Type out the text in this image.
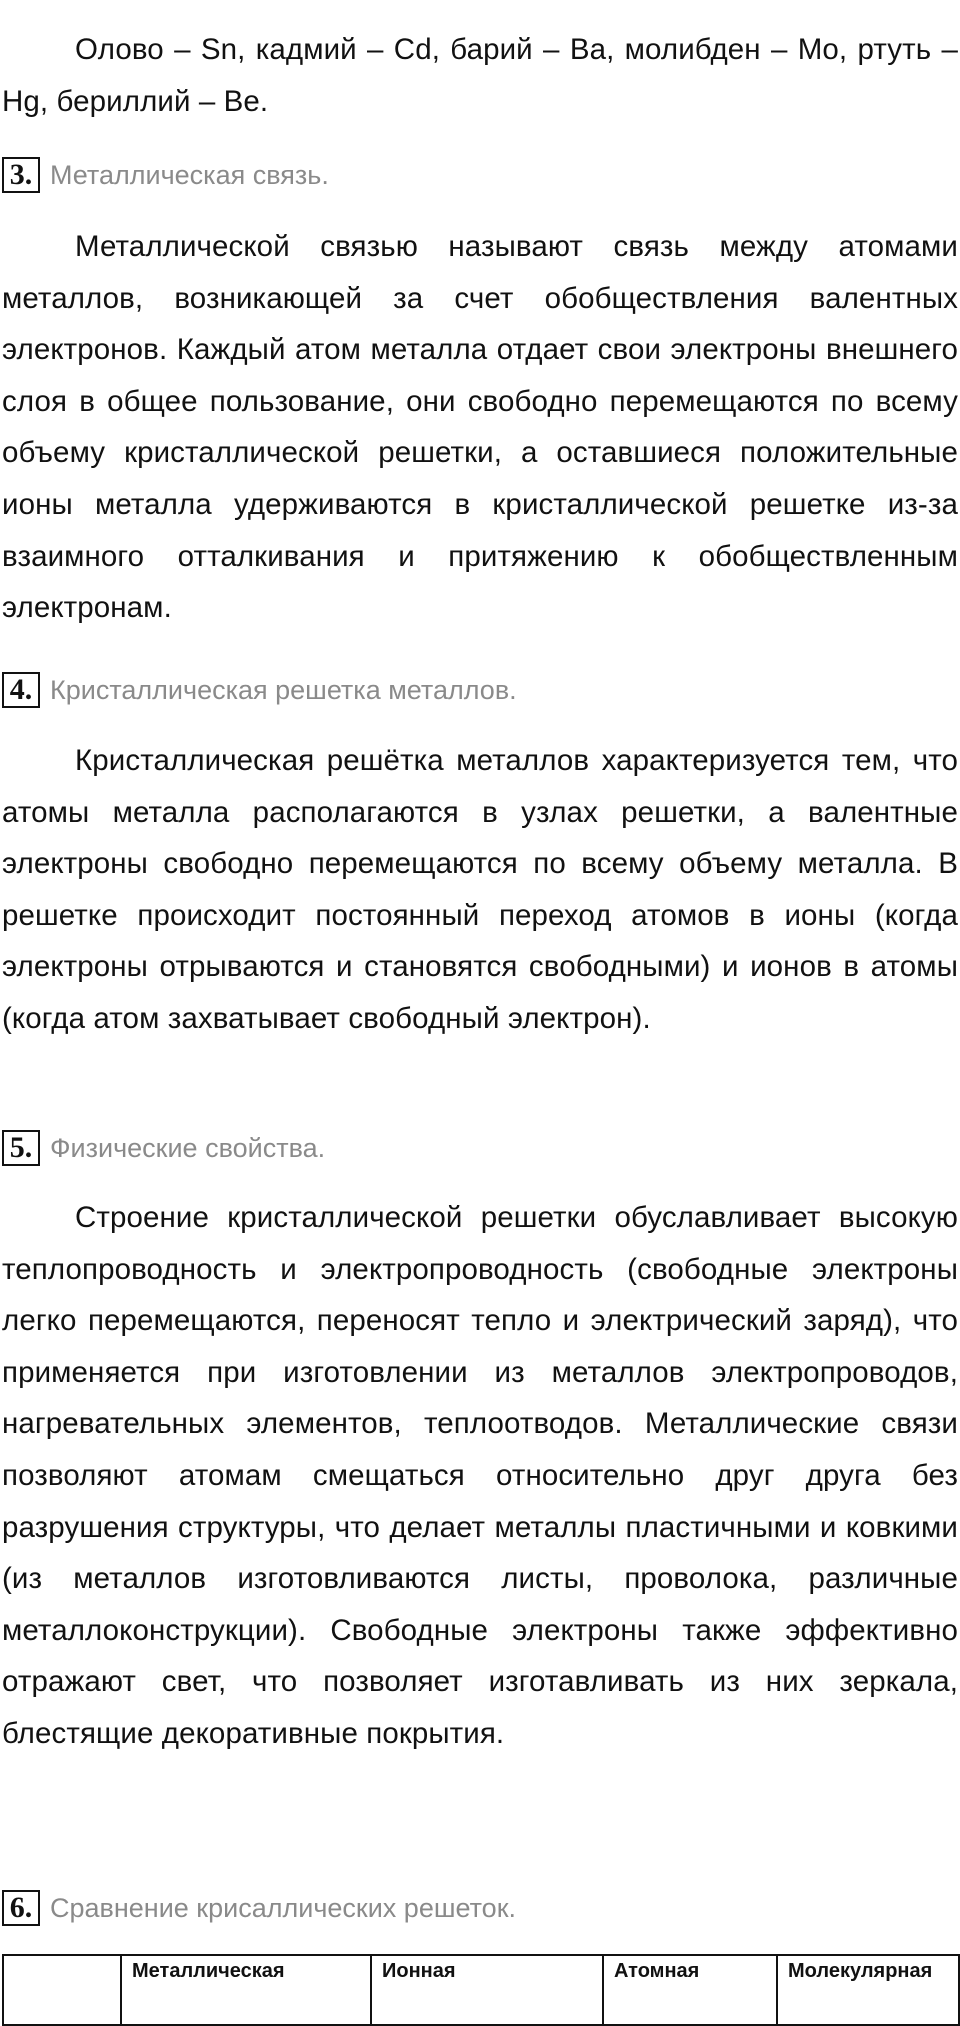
Олово – Sn, кадмий – Cd, барий – Ba, молибден – Mo, ртуть – Hg, бериллий – Be.

3. Металлическая связь.

Металлической связью называют связь между атомами металлов, возникающей за счет обобществления валентных электронов. Каждый атом металла отдает свои электроны внешнего слоя в общее пользование, они свободно перемещаются по всему объему кристаллической решетки, а оставшиеся положительные ионы металла удерживаются в кристаллической решетке из-за взаимного отталкивания и притяжению к обобществленным электронам.

4. Кристаллическая решетка металлов.

Кристаллическая решётка металлов характеризуется тем, что атомы металла располагаются в узлах решетки, а валентные электроны свободно перемещаются по всему объему металла. В решетке происходит постоянный переход атомов в ионы (когда электроны отрываются и становятся свободными) и ионов в атомы (когда атом захватывает свободный электрон).

5. Физические свойства.

Строение кристаллической решетки обуславливает высокую теплопроводность и электропроводность (свободные электроны легко перемещаются, переносят тепло и электрический заряд), что применяется при изготовлении из металлов электропроводов, нагревательных элементов, теплоотводов. Металлические связи позволяют атомам смещаться относительно друг друга без разрушения структуры, что делает металлы пластичными и ковкими (из металлов изготовливаются листы, проволока, различные металлоконструкции). Свободные электроны также эффективно отражают свет, что позволяет изготавливать из них зеркала, блестящие декоративные покрытия.

6. Сравнение крисаллических решеток.
	Металлическая	Ионная	Атомная	Молекулярная
